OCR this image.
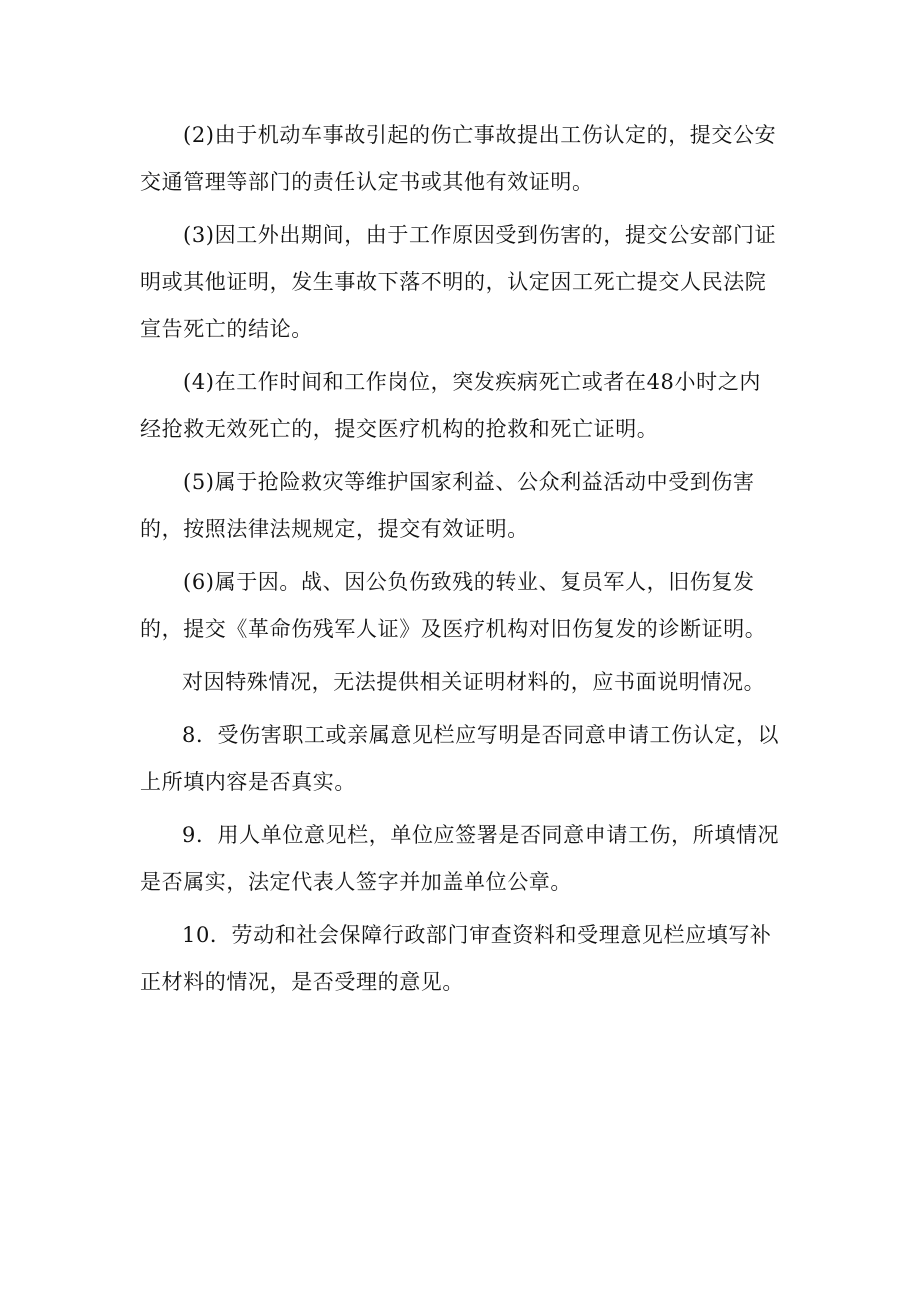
(2)由于机动车事故引起的伤亡事故提出工伤认定的，提交公安交通管理等部门的责任认定书或其他有效证明。

(3)因工外出期间，由于工作原因受到伤害的，提交公安部门证明或其他证明，发生事故下落不明的，认定因工死亡提交人民法院宣告死亡的结论。

(4)在工作时间和工作岗位，突发疾病死亡或者在48小时之内经抢救无效死亡的，提交医疗机构的抢救和死亡证明。

(5)属于抢险救灾等维护国家利益、公众利益活动中受到伤害的，按照法律法规规定，提交有效证明。

(6)属于因。战、因公负伤致残的转业、复员军人，旧伤复发的，提交《革命伤残军人证》及医疗机构对旧伤复发的诊断证明。

对因特殊情况，无法提供相关证明材料的，应书面说明情况。

8．受伤害职工或亲属意见栏应写明是否同意申请工伤认定，以上所填内容是否真实。

9．用人单位意见栏，单位应签署是否同意申请工伤，所填情况是否属实，法定代表人签字并加盖单位公章。

10．劳动和社会保障行政部门审查资料和受理意见栏应填写补正材料的情况，是否受理的意见。
